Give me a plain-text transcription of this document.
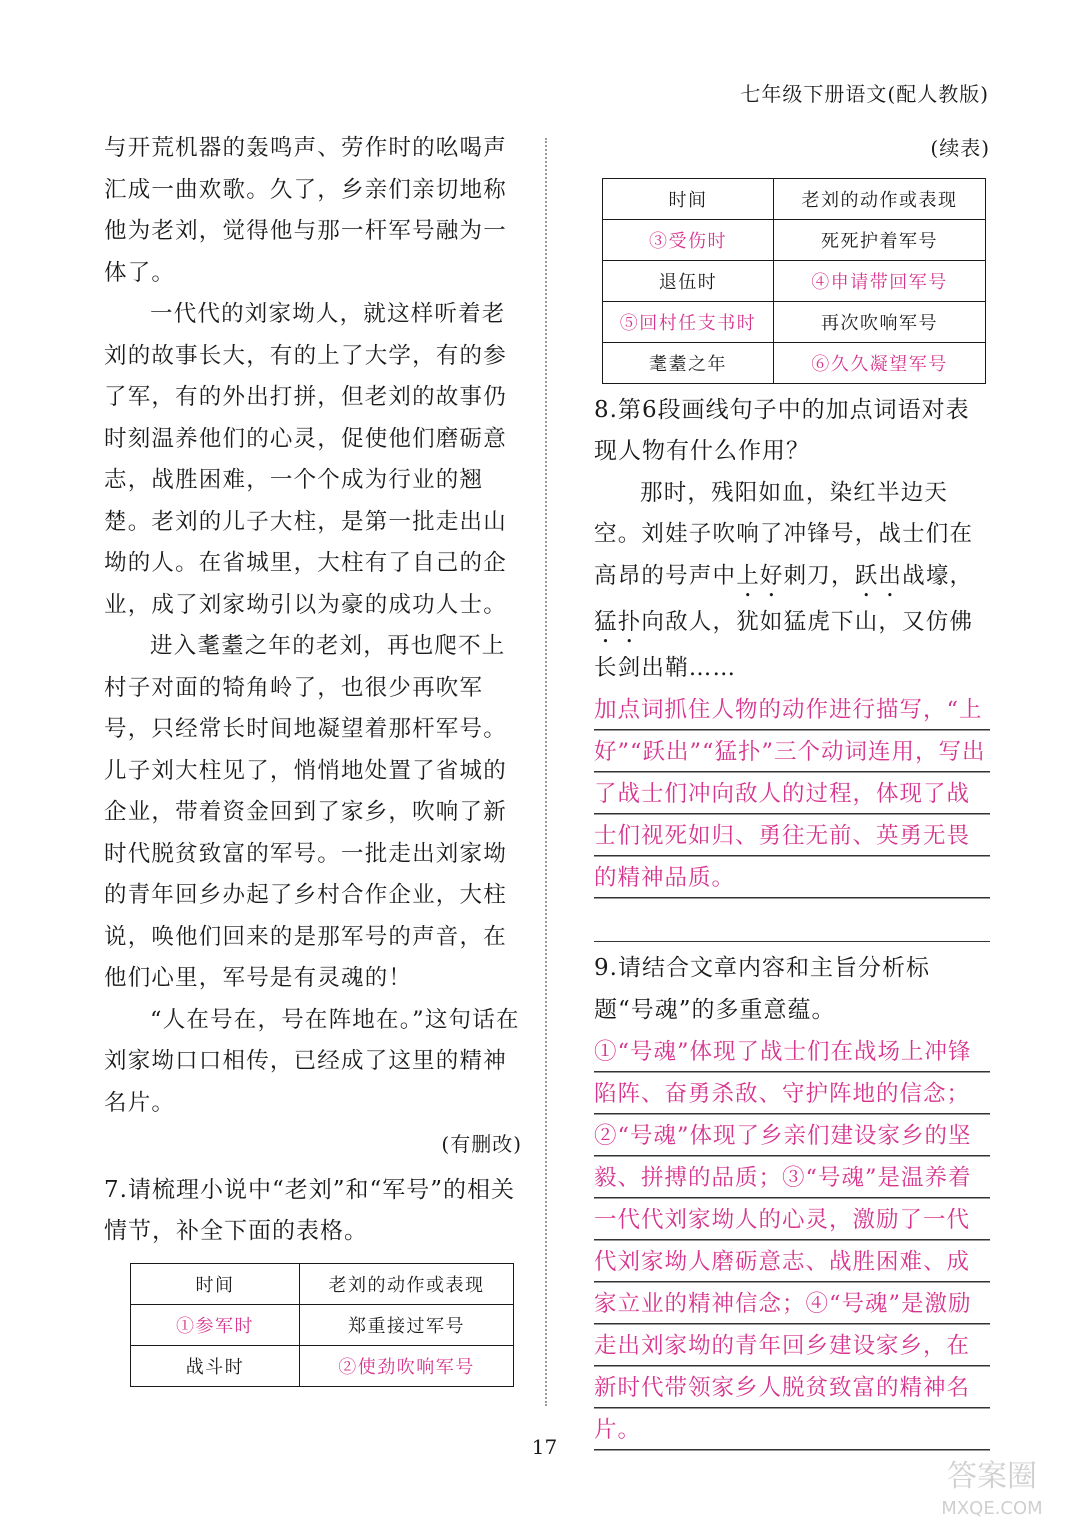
七年级下册语文(配人教版)

与开荒机器的轰鸣声、劳作时的吆喝声汇成一曲欢歌。久了，乡亲们亲切地称他为老刘，觉得他与那一杆军号融为一体了。

一代代的刘家坳人，就这样听着老刘的故事长大，有的上了大学，有的参了军，有的外出打拼，但老刘的故事仍时刻温养他们的心灵，促使他们磨砺意志，战胜困难，一个个成为行业的翘楚。老刘的儿子大柱，是第一批走出山坳的人。在省城里，大柱有了自己的企业，成了刘家坳引以为豪的成功人士。

进入耄耋之年的老刘，再也爬不上村子对面的犄角岭了，也很少再吹军号，只经常长时间地凝望着那杆军号。儿子刘大柱见了，悄悄地处置了省城的企业，带着资金回到了家乡，吹响了新时代脱贫致富的军号。一批走出刘家坳的青年回乡办起了乡村合作企业，大柱说，唤他们回来的是那军号的声音，在他们心里，军号是有灵魂的！

“人在号在，号在阵地在。”这句话在刘家坳口口相传，已经成了这里的精神名片。

(有删改)

7.请梳理小说中“老刘”和“军号”的相关情节，补全下面的表格。

时间	老刘的动作或表现
①参军时	郑重接过军号
战斗时	②使劲吹响军号
(续表)
时间	老刘的动作或表现
③受伤时	死死护着军号
退伍时	④申请带回军号
⑤回村任支书时	再次吹响军号
耄耋之年	⑥久久凝望军号

8.第6段画线句子中的加点词语对表现人物有什么作用？

那时，残阳如血，染红半边天空。刘娃子吹响了冲锋号，战士们在高昂的号声中上好刺刀，跃出战壕，猛扑向敌人，犹如猛虎下山，又仿佛长剑出鞘……

加点词抓住人物的动作进行描写，“上好”“跃出”“猛扑”三个动词连用，写出了战士们冲向敌人的过程，体现了战士们视死如归、勇往无前、英勇无畏的精神品质。

9.请结合文章内容和主旨分析标题“号魂”的多重意蕴。

①“号魂”体现了战士们在战场上冲锋陷阵、奋勇杀敌、守护阵地的信念；②“号魂”体现了乡亲们建设家乡的坚毅、拼搏的品质；③“号魂”是温养着一代代刘家坳人的心灵，激励了一代代刘家坳人磨砺意志、战胜困难、成家立业的精神信念；④“号魂”是激励走出刘家坳的青年回乡建设家乡，在新时代带领家乡人脱贫致富的精神名片。

17
答案圈
MXQE.COM
